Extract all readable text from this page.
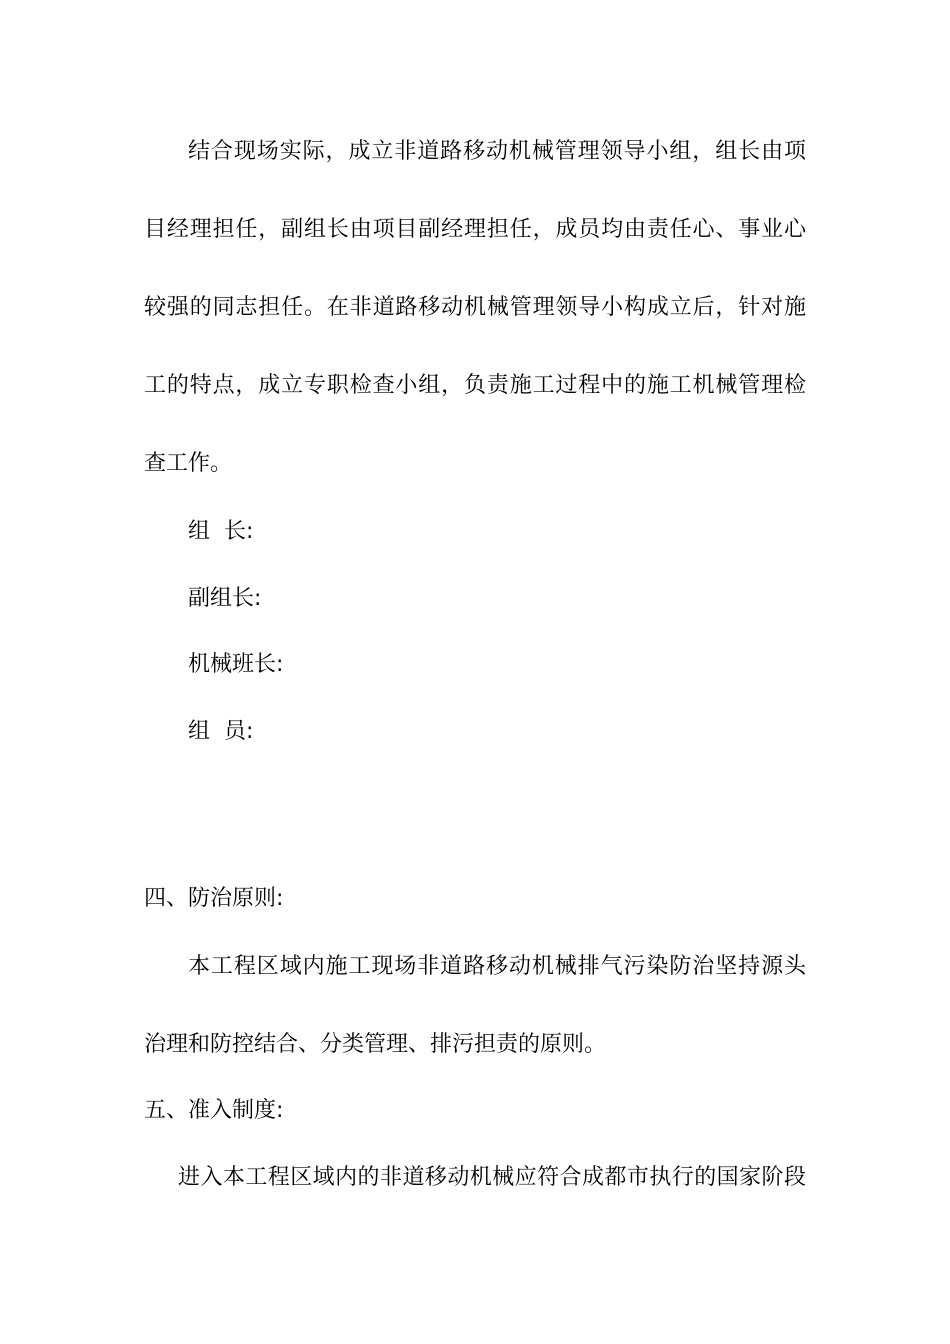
结合现场实际，成立非道路移动机械管理领导小组，组长由项
目经理担任，副组长由项目副经理担任，成员均由责任心、事业心
较强的同志担任。在非道路移动机械管理领导小构成立后，针对施
工的特点，成立专职检查小组，负责施工过程中的施工机械管理检
查工作。
组  长:
副组长:
机械班长:
组  员:
四、防治原则:
本工程区域内施工现场非道路移动机械排气污染防治坚持源头
治理和防控结合、分类管理、排污担责的原则。
五、准入制度:
进入本工程区域内的非道移动机械应符合成都市执行的国家阶段
